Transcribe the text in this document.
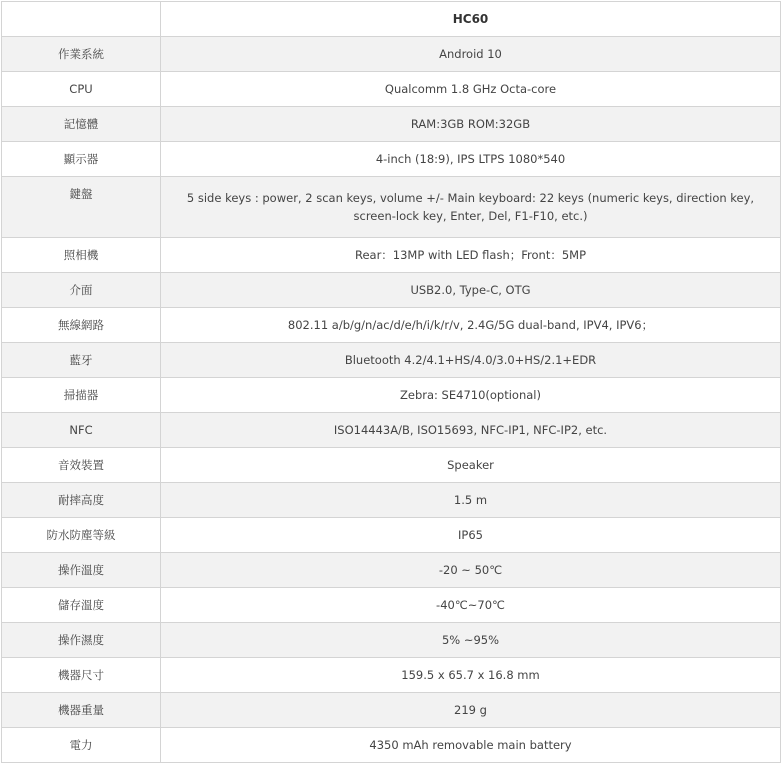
	HC60
作業系統	Android 10
CPU	Qualcomm 1.8 GHz Octa-core
記憶體	RAM:3GB ROM:32GB
顯示器	4-inch (18:9), IPS LTPS 1080*540
鍵盤	5 side keys : power, 2 scan keys, volume +/- Main keyboard: 22 keys (numeric keys, direction key, screen-lock key, Enter, Del, F1-F10, etc.)
照相機	Rear：13MP with LED flash；Front：5MP
介面	USB2.0, Type-C, OTG
無線網路	802.11 a/b/g/n/ac/d/e/h/i/k/r/v, 2.4G/5G dual-band, IPV4, IPV6；
藍牙	Bluetooth 4.2/4.1+HS/4.0/3.0+HS/2.1+EDR
掃描器	Zebra: SE4710(optional)
NFC	ISO14443A/B, ISO15693, NFC-IP1, NFC-IP2, etc.
音效裝置	Speaker
耐摔高度	1.5 m
防水防塵等級	IP65
操作溫度	-20 ~ 50℃
儲存溫度	-40℃~70℃
操作濕度	5% ~95%
機器尺寸	159.5 x 65.7 x 16.8 mm
機器重量	219 g
電力	4350 mAh removable main battery
